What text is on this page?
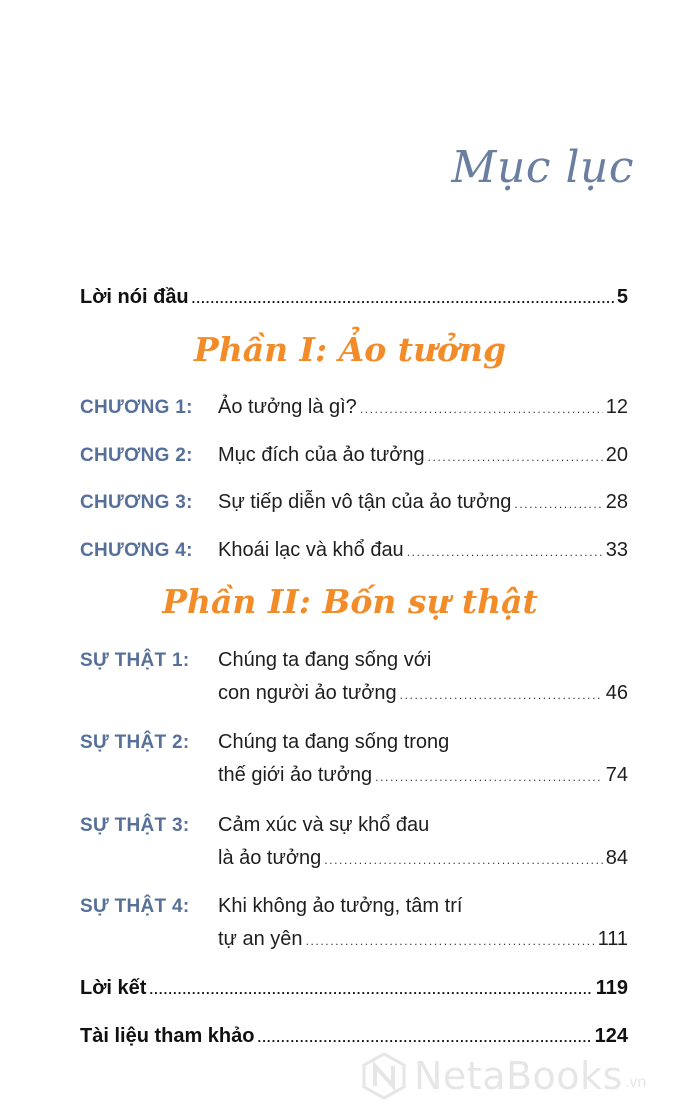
Mục lục
Lời nói đầu .....	5
Phần I: Ảo tưởng
CHƯƠNG 1:	Ảo tưởng là gì? .....	12
CHƯƠNG 2:	Mục đích của ảo tưởng .....	20
CHƯƠNG 3:	Sự tiếp diễn vô tận của ảo tưởng .....	28
CHƯƠNG 4:	Khoái lạc và khổ đau .....	33
Phần II: Bốn sự thật
SỰ THẬT 1:	Chúng ta đang sống với
con người ảo tưởng .....	46
SỰ THẬT 2:	Chúng ta đang sống trong
thế giới ảo tưởng .....	74
SỰ THẬT 3:	Cảm xúc và sự khổ đau
là ảo tưởng .....	84
SỰ THẬT 4:	Khi không ảo tưởng, tâm trí
tự an yên .....	111
Lời kết .....	119
Tài liệu tham khảo .....	124
NetaBooks .vn
